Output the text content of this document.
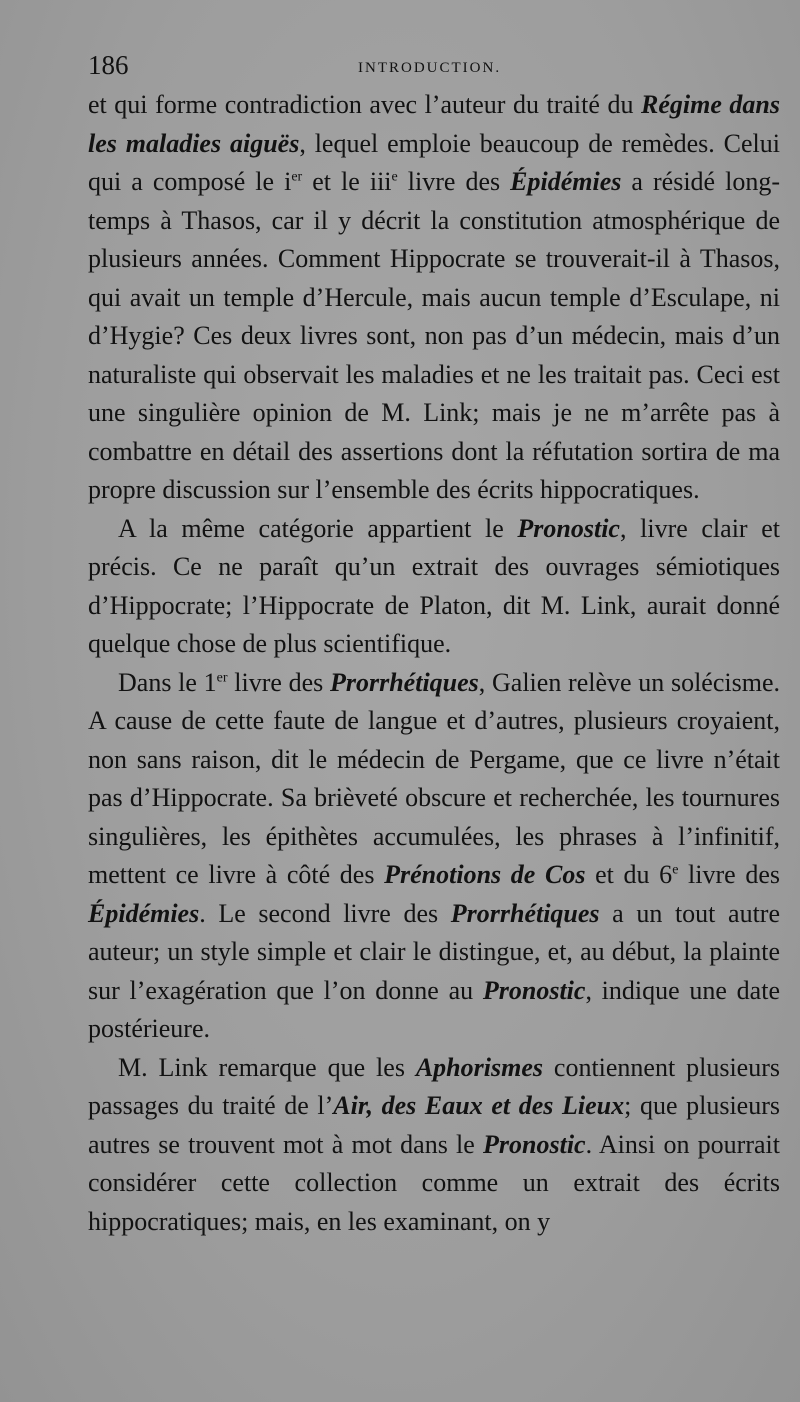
186	INTRODUCTION.

et qui forme contradiction avec l’auteur du traité du Régime dans les maladies aiguës, lequel emploie beaucoup de remèdes. Celui qui a composé le $i^{er}$ et le iii$^e$ livre des Épidémies a résidé long-temps à Thasos, car il y décrit la constitution atmosphérique de plusieurs années. Comment Hippocrate se trouverait-il à Thasos, qui avait un temple d’Hercule, mais aucun temple d’Esculape, ni d’Hygie? Ces deux livres sont, non pas d’un médecin, mais d’un naturaliste qui observait les maladies et ne les traitait pas. Ceci est une singulière opinion de M. Link; mais je ne m’arrête pas à combattre en détail des assertions dont la réfutation sortira de ma propre discussion sur l’ensemble des écrits hippocratiques.

A la même catégorie appartient le Pronostic, livre clair et précis. Ce ne paraît qu’un extrait des ouvrages sémiotiques d’Hippocrate; l’Hippocrate de Platon, dit M. Link, aurait donné quelque chose de plus scientifique.

Dans le 1er livre des Prorrhétiques, Galien relève un solécisme. A cause de cette faute de langue et d’autres, plusieurs croyaient, non sans raison, dit le médecin de Pergame, que ce livre n’était pas d’Hippocrate. Sa brièveté obscure et recherchée, les tournures singulières, les épithètes accumulées, les phrases à l’infinitif, mettent ce livre à côté des Prénotions de Cos et du 6e livre des Épidémies. Le second livre des Prorrhétiques a un tout autre auteur; un style simple et clair le distingue, et, au début, la plainte sur l’exagération que l’on donne au Pronostic, indique une date postérieure.

M. Link remarque que les Aphorismes contiennent plusieurs passages du traité de l’Air, des Eaux et des Lieux; que plusieurs autres se trouvent mot à mot dans le Pronostic. Ainsi on pourrait considérer cette collection comme un extrait des écrits hippocratiques; mais, en les examinant, on y
